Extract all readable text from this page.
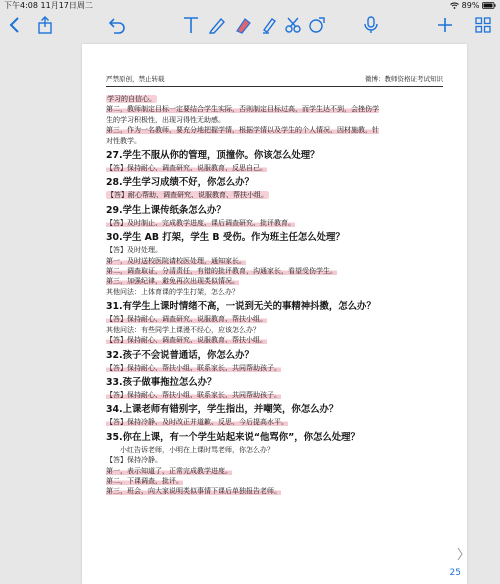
下午4:08 11月17日周二	89%
严禁原创，禁止转载	微博：教师资格证考试知识
学习的自信心。
第二，教师制定目标一定要结合学生实际，否则制定目标过高，而学生达不到，会挫伤学
生的学习积极性，出现习得性无助感。
第三，作为一名教师，要充分地把握学情，根据学情以及学生的个人情况，因材施教，针
对性教学。
27.学生不服从你的管理，顶撞你。你该怎么处理？
【答】保持耐心、调查研究、说服教育、反思自己。
28.学生学习成绩不好，你怎么办？
【答】耐心帮助、调查研究、说服教育、帮扶小组。
29.学生上课传纸条怎么办？
【答】及时制止、完成教学进度、课后调查研究、批评教育。
30.学生 AB 打架，学生 B 受伤。作为班主任怎么处理？
【答】及时处理。
第一，及时送校医院请校医处理，通知家长。
第二，调查取证，分清责任，有错的批评教育，沟通家长，看望受伤学生。
第三，加强纪律，避免再次出现类似情况。
其他问法：上体育课的学生打架，怎么办？
31.有学生上课时情绪不高，一说到无关的事精神抖擞，怎么办？
【答】保持耐心、调查研究、说服教育、帮扶小组。
其他问法：有些同学上课漫不经心，应该怎么办？
【答】保持耐心、调查研究、说服教育、帮扶小组。
32.孩子不会说普通话，你怎么办？
【答】保持耐心、帮扶小组、联系家长、共同帮助孩子。
33.孩子做事拖拉怎么办？
【答】保持耐心、帮扶小组、联系家长、共同帮助孩子。
34.上课老师有错别字，学生指出，并嘲笑，你怎么办？
【答】保持冷静、及时改正并道歉、反思、今后提高水平。
35.你在上课，有一个学生站起来说“他骂你”，你怎么处理？
小红告诉老师，小明在上课时骂老师，你怎么办？
【答】保持冷静。
第一，表示知道了，正常完成教学进度。
第二，下课调查，批评。
第三，班会，向大家说明类似事情下课后单独报告老师。
25
